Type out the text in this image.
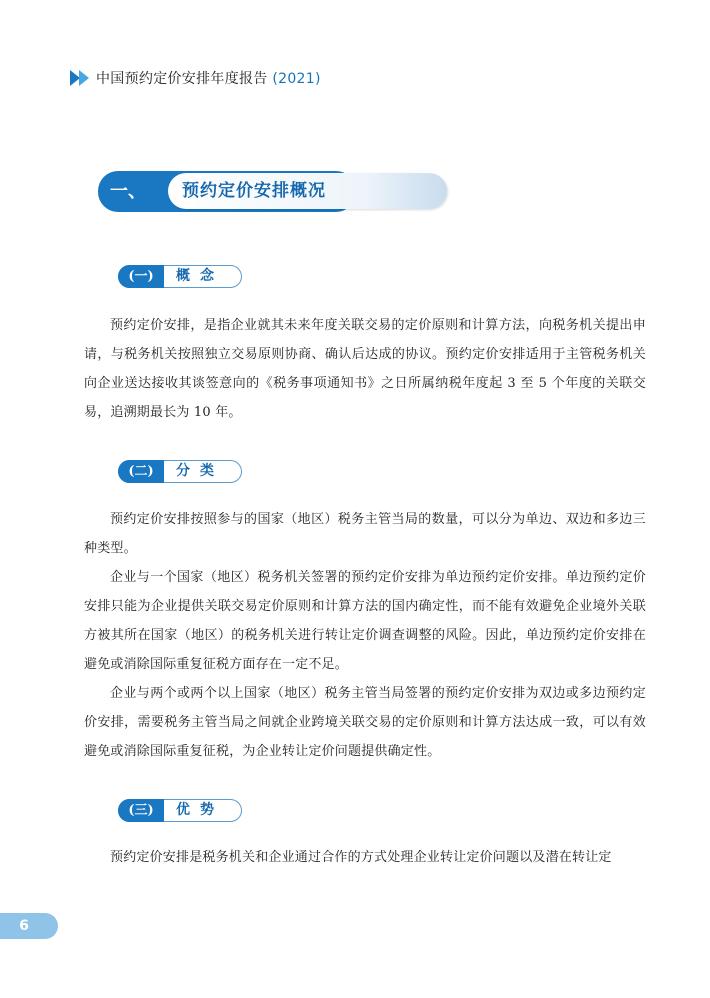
中国预约定价安排年度报告 (2021)
一、 预约定价安排概况
(一)	概念

预约定价安排，是指企业就其未来年度关联交易的定价原则和计算方法，向税务机关提出申请，与税务机关按照独立交易原则协商、确认后达成的协议。预约定价安排适用于主管税务机关向企业送达接收其谈签意向的《税务事项通知书》之日所属纳税年度起 3 至 5 个年度的关联交易，追溯期最长为 10 年。

(二)	分类

预约定价安排按照参与的国家（地区）税务主管当局的数量，可以分为单边、双边和多边三种类型。

企业与一个国家（地区）税务机关签署的预约定价安排为单边预约定价安排。单边预约定价安排只能为企业提供关联交易定价原则和计算方法的国内确定性，而不能有效避免企业境外关联方被其所在国家（地区）的税务机关进行转让定价调查调整的风险。因此，单边预约定价安排在避免或消除国际重复征税方面存在一定不足。

企业与两个或两个以上国家（地区）税务主管当局签署的预约定价安排为双边或多边预约定价安排，需要税务主管当局之间就企业跨境关联交易的定价原则和计算方法达成一致，可以有效避免或消除国际重复征税，为企业转让定价问题提供确定性。

(三)	优势

预约定价安排是税务机关和企业通过合作的方式处理企业转让定价问题以及潜在转让定

6
